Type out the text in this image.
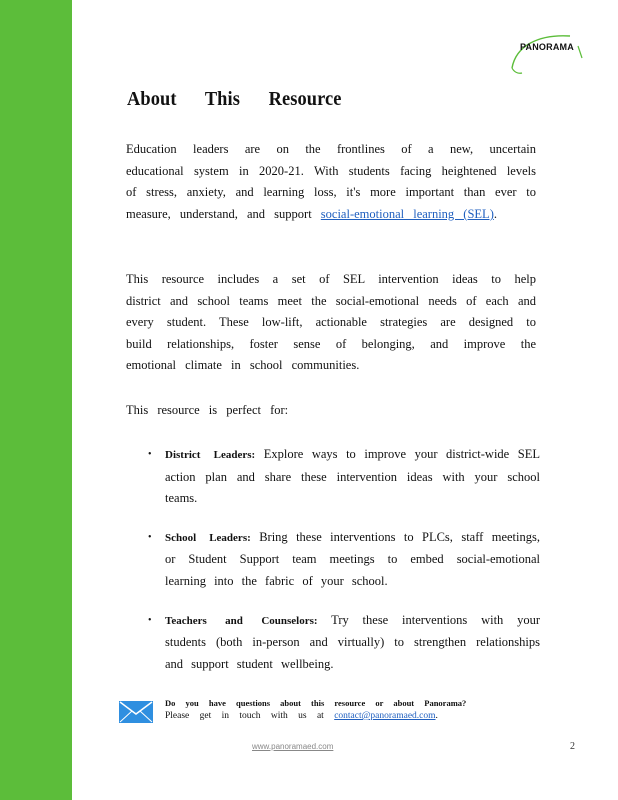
PANORAMA
About This Resource
Education leaders are on the frontlines of a new, uncertain educational system in 2020-21. With students facing heightened levels of stress, anxiety, and learning loss, it's more important than ever to measure, understand, and support social-emotional learning (SEL).
This resource includes a set of SEL intervention ideas to help district and school teams meet the social-emotional needs of each and every student. These low-lift, actionable strategies are designed to build relationships, foster sense of belonging, and improve the emotional climate in school communities.
This resource is perfect for:
• District Leaders: Explore ways to improve your district-wide SEL action plan and share these intervention ideas with your school teams.
• School Leaders: Bring these interventions to PLCs, staff meetings, or Student Support team meetings to embed social-emotional learning into the fabric of your school.
• Teachers and Counselors: Try these interventions with your students (both in-person and virtually) to strengthen relationships and support student wellbeing.
Do you have questions about this resource or about Panorama?
Please get in touch with us at contact@panoramaed.com.
www.panoramaed.com	2
